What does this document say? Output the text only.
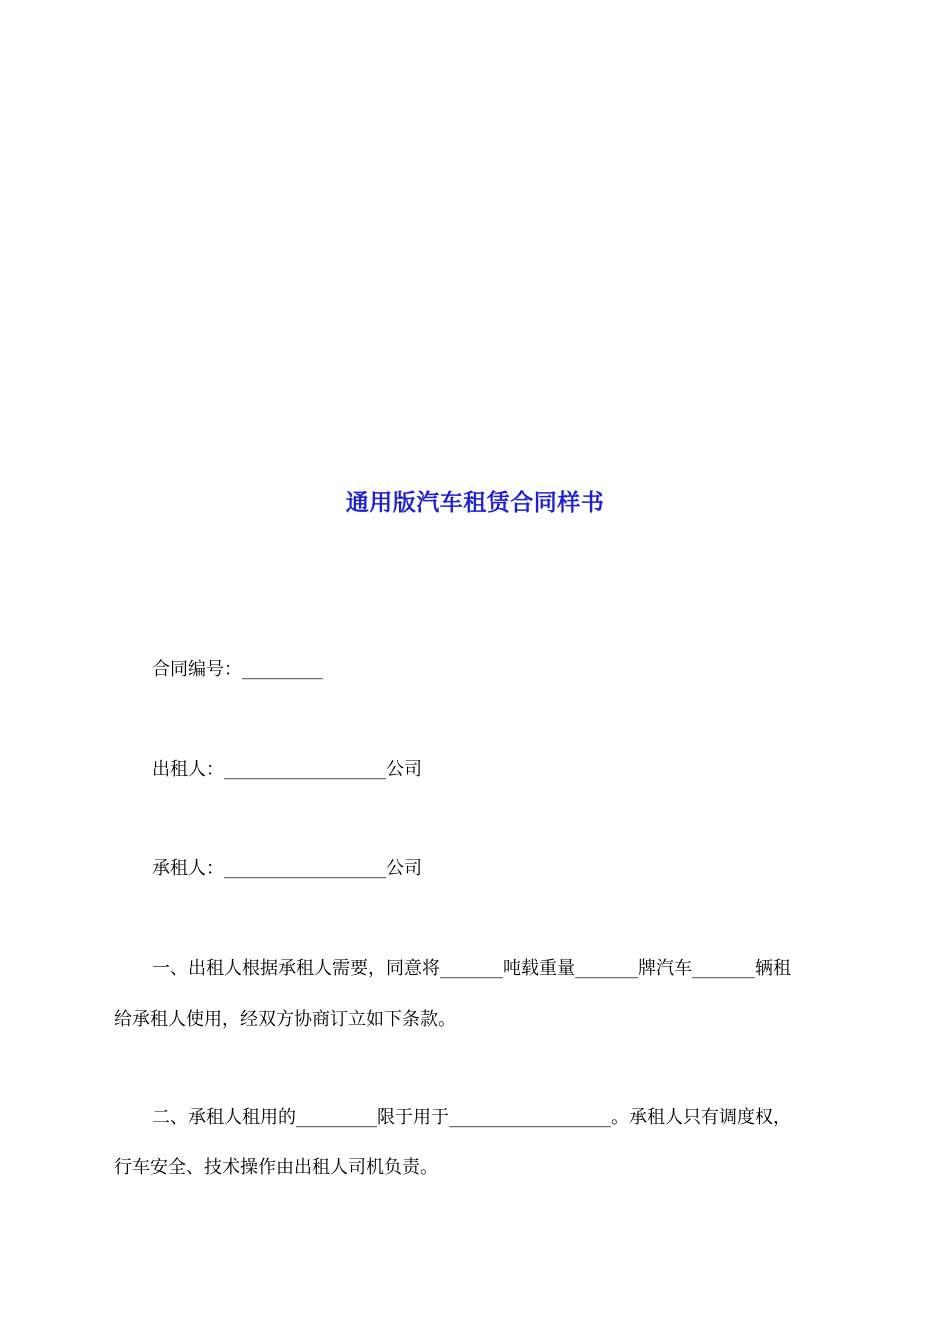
通用版汽车租赁合同样书
合同编号：_________
出租人：__________________公司
承租人：__________________公司
一、出租人根据承租人需要，同意将_______吨载重量_______牌汽车_______辆租
给承租人使用，经双方协商订立如下条款。
二、承租人租用的_________限于用于__________________。承租人只有调度权，
行车安全、技术操作由出租人司机负责。
